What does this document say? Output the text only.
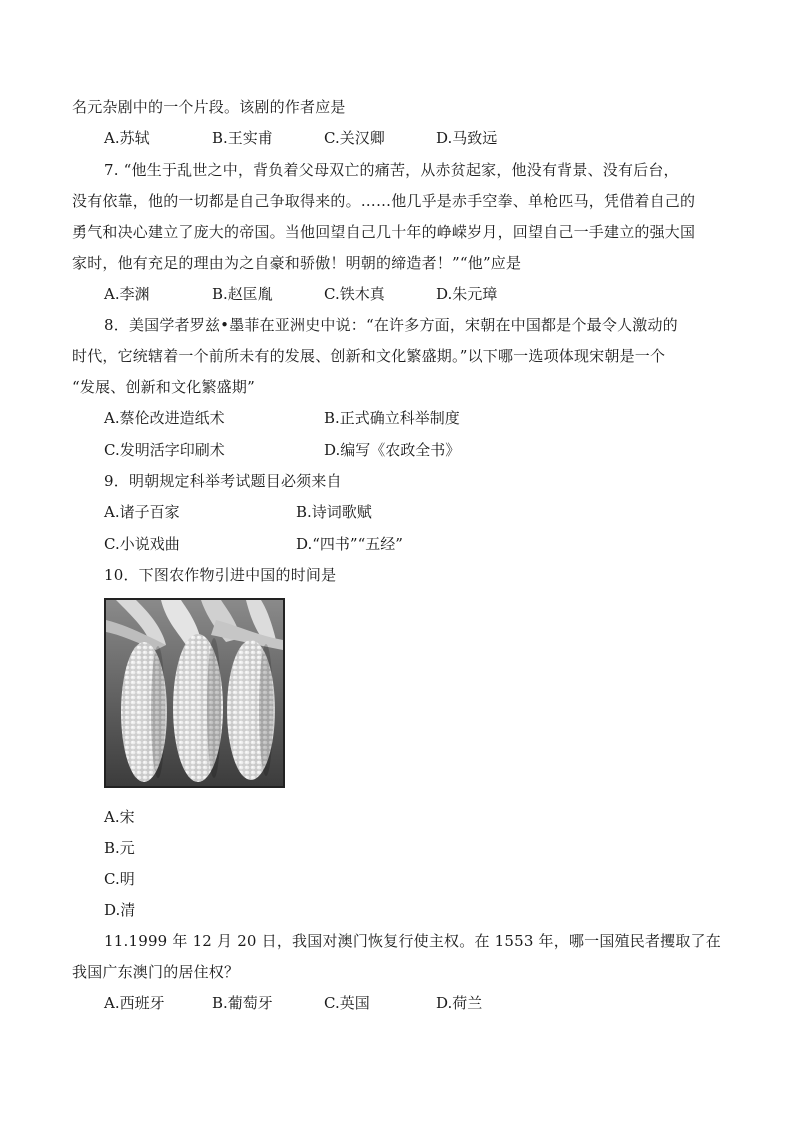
名元杂剧中的一个片段。该剧的作者应是
A.苏轼	B.王实甫	C.关汉卿	D.马致远
7. “他生于乱世之中，背负着父母双亡的痛苦，从赤贫起家，他没有背景、没有后台，
没有依靠，他的一切都是自己争取得来的。……他几乎是赤手空拳、单枪匹马，凭借着自己的
勇气和决心建立了庞大的帝国。当他回望自己几十年的峥嵘岁月，回望自己一手建立的强大国
家时，他有充足的理由为之自豪和骄傲！明朝的缔造者！”“他”应是
A.李渊	B.赵匡胤	C.铁木真	D.朱元璋
8．美国学者罗兹•墨菲在亚洲史中说：“在许多方面，宋朝在中国都是个最令人激动的
时代，它统辖着一个前所未有的发展、创新和文化繁盛期。”以下哪一选项体现宋朝是一个
“发展、创新和文化繁盛期”
A.蔡伦改进造纸术	B.正式确立科举制度
C.发明活字印刷术	D.编写《农政全书》
9．明朝规定科举考试题目必须来自
A.诸子百家	B.诗词歌赋
C.小说戏曲	D.“四书”“五经”
10．下图农作物引进中国的时间是
A.宋
B.元
C.明
D.清
11.1999 年 12 月 20 日，我国对澳门恢复行使主权。在 1553 年，哪一国殖民者攫取了在
我国广东澳门的居住权？
A.西班牙	B.葡萄牙	C.英国	D.荷兰
